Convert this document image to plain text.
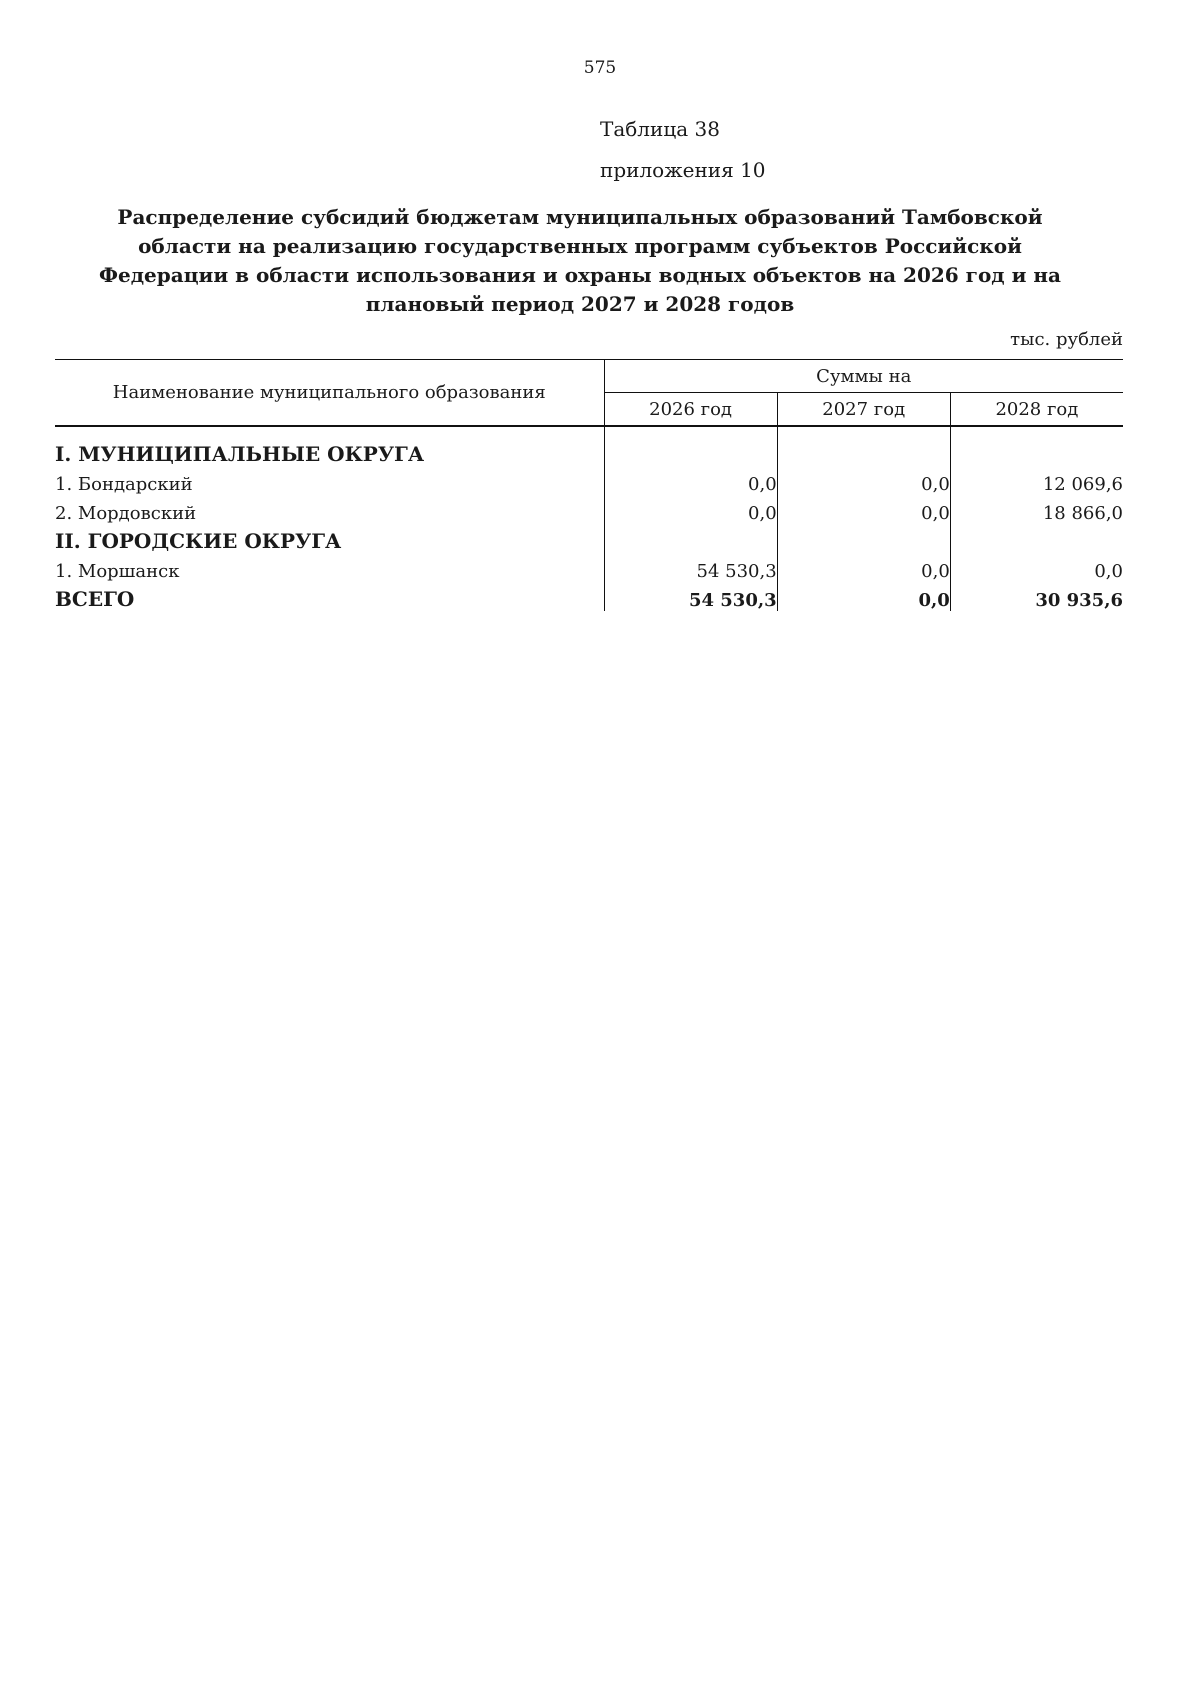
575
Таблица 38
приложения 10
Распределение субсидий бюджетам муниципальных образований Тамбовской области на реализацию государственных программ субъектов Российской Федерации в области использования и охраны водных объектов на 2026 год и на плановый период 2027 и 2028 годов
тыс. рублей
Наименование муниципального образования	Суммы на		
	2026 год	2027 год	2028 год

I. МУНИЦИПАЛЬНЫЕ ОКРУГА			
1. Бондарский	0,0	0,0	12 069,6
2. Мордовский	0,0	0,0	18 866,0
II. ГОРОДСКИЕ ОКРУГА			
1. Моршанск	54 530,3	0,0	0,0
ВСЕГО	54 530,3	0,0	30 935,6
